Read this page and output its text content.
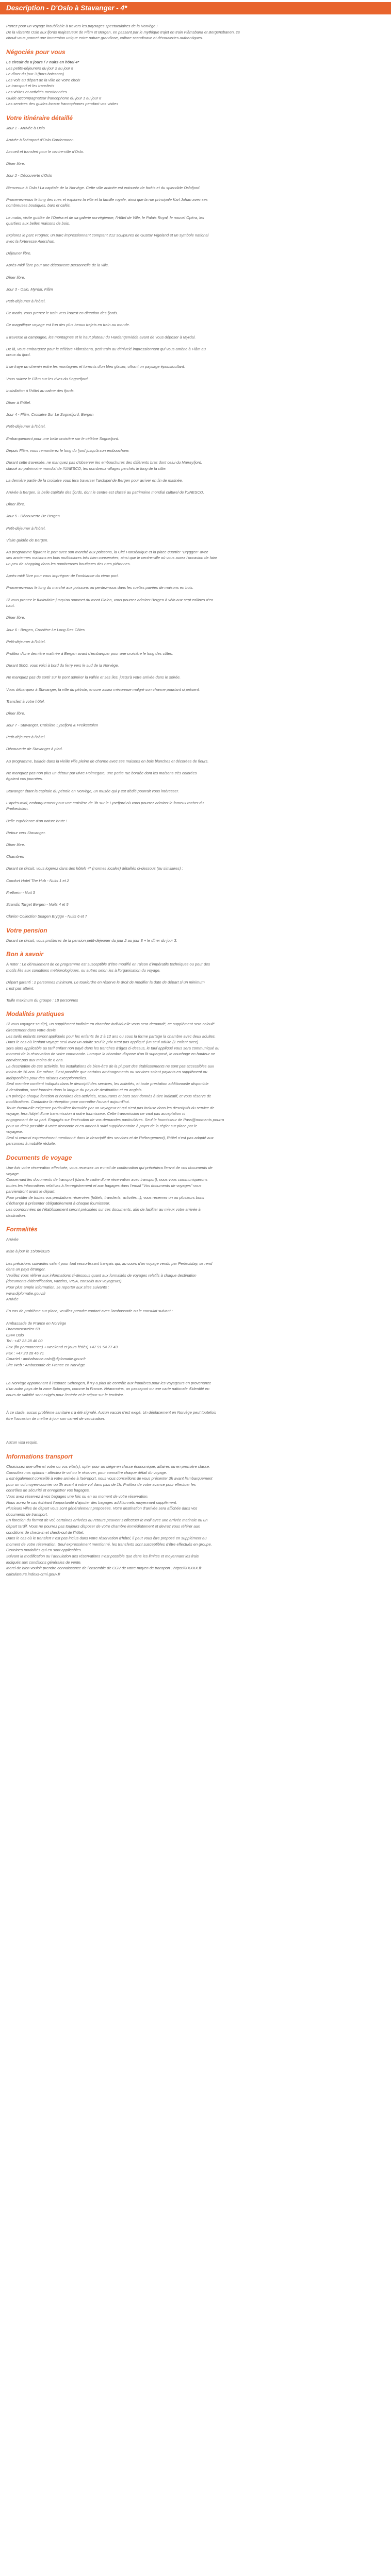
Description - D'Oslo à Stavanger - 4*
Partez pour un voyage inoubliable à travers les paysages spectaculaires de la Norvège !
De la vibrante Oslo aux fjords majestueux de Flåm et Bergen, en passant par le mythique trajet en train Flåmsbana et Bergensbanen, ce
circuit vous promet une immersion unique entre nature grandiose, culture scandinave et découvertes authentiques.
Négociés pour vous
Le circuit de 8 jours / 7 nuits en hôtel 4*
Les petits-déjeuners du jour 2 au jour 8
Le dîner du jour 3 (hors boissons)
Les vols au départ de la ville de votre choix
Le transport et les transferts
Les visites et activités mentionnées
Guide accompagnateur francophone du jour 1 au jour 8
Les services des guides locaux francophones pendant vos visites
Votre itinéraire détaillé
Jour 1 - Arrivée à Oslo
Arrivée à l'aéroport d'Oslo Gardermoen.
Accueil et transfert pour le centre-ville d'Oslo.
Dîner libre.
Jour 2 - Découverte d'Oslo
Bienvenue à Oslo ! La capitale de la Norvège. Cette ville animée est entourée de forêts et du splendide Oslofjord.
Promenez-vous le long des rues et explorez la ville et la famille royale, ainsi que la rue principale Karl Johan avec ses
nombreuses boutiques, bars et cafés.
Le matin, visite guidée de l'Opéra et de sa galerie norvégienne, l'Hôtel de Ville, le Palais Royal, le nouvel Opéra, les
quartiers aux belles maisons de bois.
Explorez le parc Frogner, un parc impressionnant comptant 212 sculptures de Gustav Vigeland et un symbole national
avec la forteresse Akershus.
Déjeuner libre.
Après-midi libre pour une découverte personnelle de la ville.
Dîner libre.
Jour 3 - Oslo, Myrdal, Flåm
Petit-déjeuner à l'hôtel.
Ce matin, vous prenez le train vers l'ouest en direction des fjords.
Ce magnifique voyage est l'un des plus beaux trajets en train au monde.
Il traverse la campagne, les montagnes et le haut plateau du Hardangervidda avant de vous déposer à Myrdal.
De là, vous embarquez pour le célèbre Flåmsbana, petit train au dénivelé impressionnant qui vous amène à Flåm au
creux du fjord.
Il se fraye un chemin entre les montagnes et torrents d'un bleu glacier, offrant un paysage époustouflant.
Vous suivez le Flåm sur les rives du Sognefjord.
Installation à l'hôtel au calme des fjords.
Dîner à l'hôtel.
Jour 4 - Flåm, Croisière Sur Le Sognefjord, Bergen
Petit-déjeuner à l'hôtel.
Embarquement pour une belle croisière sur le célèbre Sognefjord.
Depuis Flåm, vous remonterez le long du fjord jusqu'à son embouchure.
Durant cette traversée, ne manquez pas d'observer les embouchures des différents bras dont celui du Nærøyfjord,
classé au patrimoine mondial de l'UNESCO, les nombreux villages perchés le long de la côte.
La dernière partie de la croisière vous fera traverser l'archipel de Bergen pour arriver en fin de matinée.
Arrivée à Bergen, la belle capitale des fjords, dont le centre est classé au patrimoine mondial culturel de l'UNESCO.
Dîner libre.
Jour 5 - Découverte De Bergen
Petit-déjeuner à l'hôtel.
Visite guidée de Bergen.
Au programme figurent le port avec son marché aux poissons, la Cité Hanséatique et la place quartier "Bryggen" avec
ses anciennes maisons en bois multicolores très bien conservées, ainsi que le centre-ville où vous aurez l'occasion de faire
un peu de shopping dans les nombreuses boutiques des rues piétonnes.
Après-midi libre pour vous imprégner de l'ambiance du vieux port.
Promenez-vous le long du marché aux poissons ou perdez-vous dans les ruelles pavées de maisons en bois.
Si vous prenez le funiculaire jusqu'au sommet du mont Fløien, vous pourrez admirer Bergen à vélo aux sept collines d'en
haut.
Dîner libre.
Jour 6 - Bergen, Croisière Le Long Des Côtes
Petit-déjeuner à l'hôtel.
Profitez d'une dernière matinée à Bergen avant d'embarquer pour une croisière le long des côtes.
Durant 5h00, vous voici à bord du ferry vers le sud de la Norvège.
Ne manquez pas de sortir sur le pont admirer la vallée et ses îles, jusqu'à votre arrivée dans le soirée.
Vous débarquez à Stavanger, la ville du pétrole, encore assez méconnue malgré son charme pourtant si présent.
Transfert à votre hôtel.
Dîner libre.
Jour 7 - Stavanger, Croisière Lysefjord & Preikestolen
Petit-déjeuner à l'hôtel.
Découverte de Stavanger à pied.
Au programme, balade dans la vieille ville pleine de charme avec ses maisons en bois blanches et décorées de fleurs.
Ne manquez pas non plus un détour par Øvre Holmegate, une petite rue bordée dont les maisons très colorées
égaient vos journées.
Stavanger étant la capitale du pétrole en Norvège, un musée qui y est dédié pourrait vous intéresser.
L'après-midi, embarquement pour une croisière de 3h sur le Lysefjord où vous pourrez admirer le fameux rocher du
Preikestolen.
Belle expérience d'un nature brute !
Retour vers Stavanger.
Dîner libre.
Chambres
Durant ce circuit, vous logerez dans des hôtels 4* (normes locales) détaillés ci-dessous (ou similaires) :
Comfort Hotel The Hub - Nuits 1 et 2
Fretheim - Nuit 3
Scandic Target Bergen - Nuits 4 et 5
Clarion Collection Skagen Brygge - Nuits 6 et 7
Votre pension
Durant ce circuit, vous profiterez de la pension petit-déjeuner du jour 2 au jour 8 + le dîner du jour 3.
Bon à savoir
À noter : Le déroulement de ce programme est susceptible d'être modifié en raison d'impératifs techniques ou pour des
motifs liés aux conditions météorologiques, ou autres selon les à l'organisation du voyage.
Départ garanti : 2 personnes minimum. Le tour/ordre en réserve le droit de modifier la date de départ si un minimum
n'est pas atteint.
Taille maximum du groupe : 18 personnes
Modalités pratiques
Si vous voyagez seul(e), un supplément tarifaire en chambre individuelle vous sera demandé, ce supplément sera calculé
directement dans votre devis.
Les tarifs enfants seront appliqués pour les enfants de 2 à 12 ans ou sous la forme partage la chambre avec deux adultes.
Dans le cas où l'enfant voyage seul avec un adulte seul le prix n'est pas appliqué (un seul adulte (1 enfant avec)
sera alors applicable au tarif enfant non payé dans les tranches d'âges ci-dessus, le tarif appliqué vous sera communiqué au
moment de la réservation de votre commande. Lorsque la chambre dispose d'un lit superposé, le couchage en hauteur ne
convient pas aux moins de 6 ans.
La description de ces activités, les installations de bien-être de la plupart des établissements ne sont pas accessibles aux
moins de 16 ans. De même, il est possible que certains aménagements ou services soient payants en supplément ou
indisponibles pour des raisons exceptionnelles.
Seul membre contient indiqués dans le descriptif des services, les activités, et toute prestation additionnelle disponible
à destination, sont fournies dans la langue du pays de destination et en anglais.
En principe chaque fonction et horaires des activités, restaurants et bars sont donnés à titre indicatif, et vous réserve de
modifications. Contactez la réception pour connaître l'ouvert aujourd'hui.
Toute éventuelle exigence particulière formulée par un voyageur et qui n'est pas incluse dans les descriptifs du service de
voyage, fera l'objet d'une transmission à notre fournisseur. Cette transmission ne vaut pas acceptation ni
engagement de sa part. Engagés sur l'exécution de vos demandes particulières. Seul le fournisseur de Pass@moments pourra
pour un désir possible à votre demande et en amont à suivi supplémentaire à payer de la régler sur place par le
voyageur.
Seul si ceux-ci expressément mentionné dans le descriptif des services et de l'hébergement), l'hôtel n'est pas adapté aux
personnes à mobilité réduite.
Documents de voyage
Une fois votre réservation effectuée, vous recevrez un e-mail de confirmation qui précédera l'envoi de vos documents de
voyage.
Concernant les documents de transport (dans le cadre d'une réservation avec transport), nous vous communiquerons
toutes les informations relatives à l'enregistrement et aux bagages dans l'email "Vos documents de voyages" vous
parviendront avant le départ.
Pour profiter de toutes vos prestations réservées (hôtels, transferts, activités...), vous recevrez un ou plusieurs bons
d'échange à présenter obligatoirement à chaque fournisseur.
Les coordonnées de l'établissement seront précisées sur ces documents, afin de faciliter au mieux votre arrivée à
destination.
Formalités
Arrivée
Mise à jour le 15/06/2025
Les précisions suivantes valent pour tout ressortissant français qui, au cours d'un voyage vendu par Perfectstay, se rend
dans un pays étranger.
Veuillez vous référer aux informations ci-dessous quant aux formalités de voyages relatifs à chaque destination
(documents d'identification, vaccins, VISA, conseils aux voyageurs).
Pour plus ample information, se reporter aux sites suivants :
www.diplomatie.gouv.fr
Arrivée
En cas de problème sur place, veuillez prendre contact avec l'ambassade ou le consulat suivant :
Ambassade de France en Norvège
Drammensveien 69
0244 Oslo
Tel : +47 23 28 46 00
Fax (fin permanence) + weekend et jours fériés) +47 91 54 77 43
Fax : +47 23 28 46 71
Courriel : ambafrance.oslo@diplomatie.gouv.fr
Site Web : Ambassade de France en Norvège
La Norvège appartenant à l'espace Schengen, il n'y a plus de contrôle aux frontières pour les voyageurs en provenance
d'un autre pays de la zone Schengen, comme la France. Néanmoins, un passeport ou une carte nationale d'identité en
cours de validité sont exigés pour l'entrée et le séjour sur le territoire.
À ce stade, aucun problème sanitaire n'a été signalé. Aucun vaccin n'est exigé. Un déplacement en Norvège peut toutefois
être l'occasion de mettre à jour son carnet de vaccination.
Aucun visa requis.
Informations transport
Choisissez une offre et votre ou vos ville(s), opter pour un siège en classe économique, affaires ou en première classe.
Consultez nos options - affectez le vol ou le réserver, pour connaître chaque détail du voyage.
Il est également conseillé à votre arrivée à l'aéroport, nous vous conseillons de vous présenter 2h avant l'embarquement
pour un vol moyen-courrier ou 3h avant à votre vol dans plus de 1h. Profitez de votre avance pour effectuer les
contrôles de sécurité et enregistrer vos bagages.
Vous avez réservez à vos bagages une fois ou en au moment de votre réservation.
Nous aurez le cas échéant l'opportunité d'ajouter des bagages additionnels moyennant supplément.
Plusieurs villes de départ vous sont généralement proposées. Votre destination d'arrivée sera affichée dans vos
documents de transport.
En fonction du format de vol, certaines arrivées au retours peuvent s'effectuer le mail avec une arrivée matinale ou un
départ tardif. Vous ne pourrez pas toujours disposer de votre chambre immédiatement et devrez vous référer aux
conditions de check-in et check-out de l'hôtel.
Dans le cas où le transfert n'est pas inclus dans votre réservation d'hôtel, il peut vous être proposé en supplément au
moment de votre réservation. Seul expressément mentionné, les transferts sont susceptibles d'être effectués en groupe.
Certaines modalités qui en sont applicables.
Suivant la modification ou l'annulation des réservations n'est possible que dans les limites et moyennant les frais
indiqués aux conditions générales de vente.
Merci de bien vouloir prendre connaissance de l'ensemble de CGV de votre moyen de transport : https://XXXXX.fr
calculateurs.indexs-crmi.gouv.fr
